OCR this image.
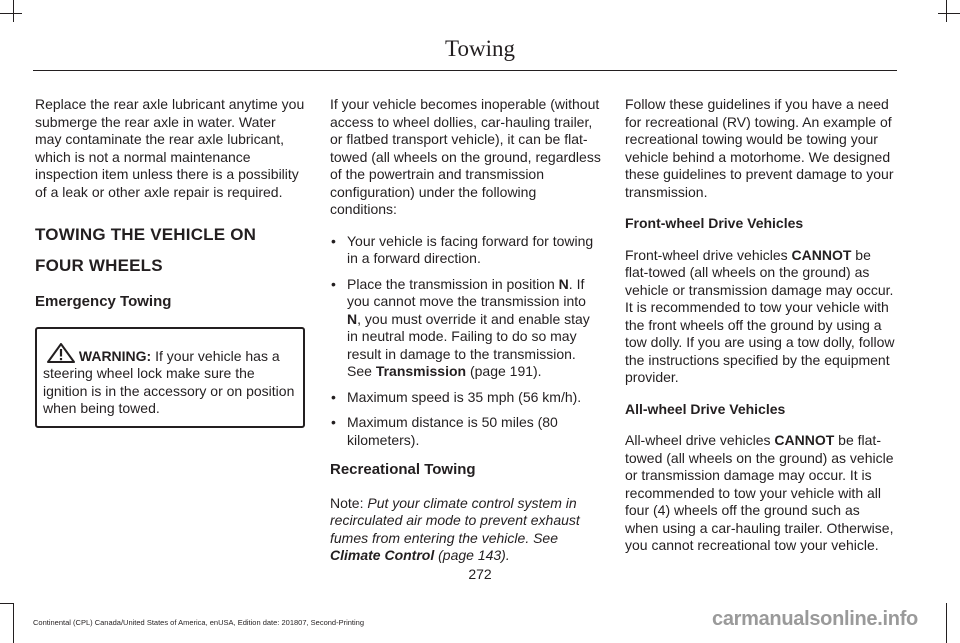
Towing

Replace the rear axle lubricant anytime you submerge the rear axle in water. Water may contaminate the rear axle lubricant, which is not a normal maintenance inspection item unless there is a possibility of a leak or other axle repair is required.

TOWING THE VEHICLE ON FOUR WHEELS
Emergency Towing
WARNING: If your vehicle has a steering wheel lock make sure the ignition is in the accessory or on position when being towed.

If your vehicle becomes inoperable (without access to wheel dollies, car-hauling trailer, or flatbed transport vehicle), it can be flat-towed (all wheels on the ground, regardless of the powertrain and transmission configuration) under the following conditions:

• Your vehicle is facing forward for towing in a forward direction.
• Place the transmission in position N. If you cannot move the transmission into N, you must override it and enable stay in neutral mode. Failing to do so may result in damage to the transmission. See Transmission (page 191).
• Maximum speed is 35 mph (56 km/h).
• Maximum distance is 50 miles (80 kilometers).
Recreational Towing

Note: Put your climate control system in recirculated air mode to prevent exhaust fumes from entering the vehicle. See Climate Control (page 143).

Follow these guidelines if you have a need for recreational (RV) towing. An example of recreational towing would be towing your vehicle behind a motorhome. We designed these guidelines to prevent damage to your transmission.

Front-wheel Drive Vehicles

Front-wheel drive vehicles CANNOT be flat-towed (all wheels on the ground) as vehicle or transmission damage may occur. It is recommended to tow your vehicle with the front wheels off the ground by using a tow dolly. If you are using a tow dolly, follow the instructions specified by the equipment provider.

All-wheel Drive Vehicles

All-wheel drive vehicles CANNOT be flat-towed (all wheels on the ground) as vehicle or transmission damage may occur. It is recommended to tow your vehicle with all four (4) wheels off the ground such as when using a car-hauling trailer. Otherwise, you cannot recreational tow your vehicle.

272
Continental (CPL) Canada/United States of America, enUSA, Edition date: 201807, Second-Printing	carmanualsonline.info
